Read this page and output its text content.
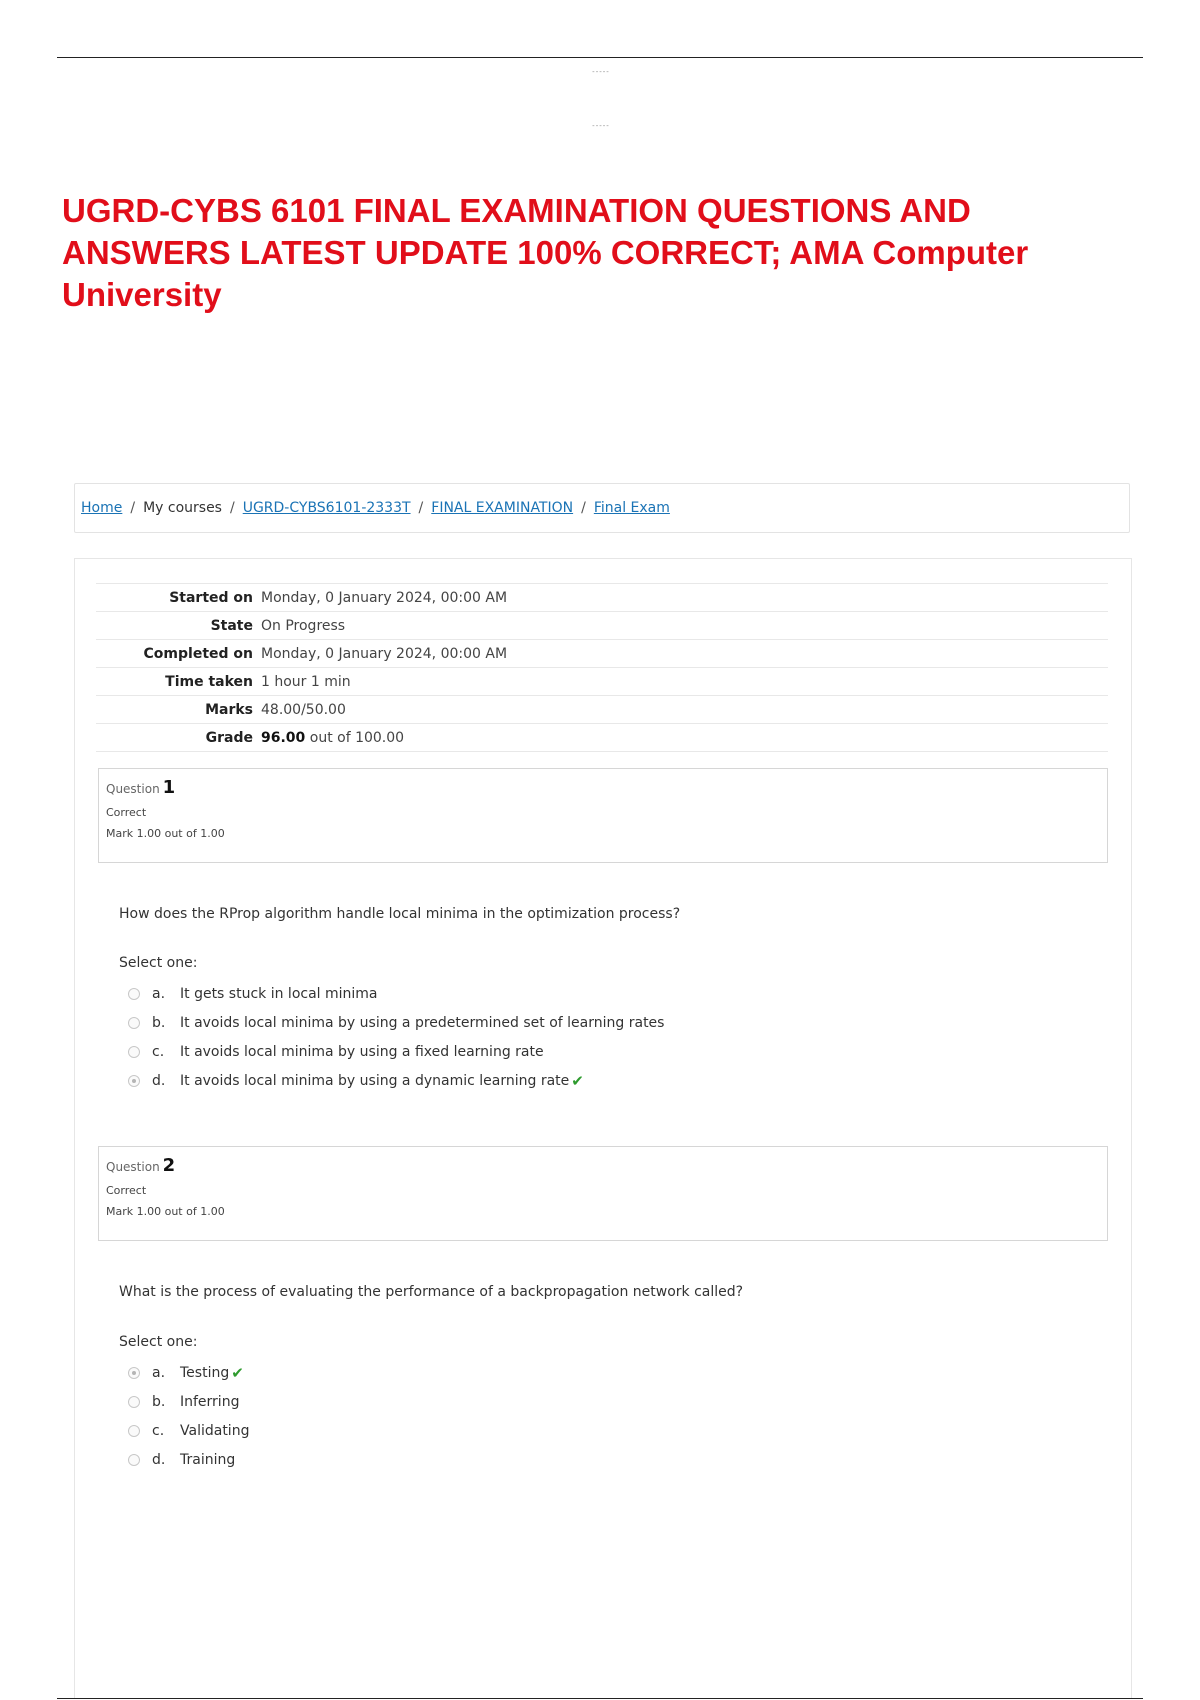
-----
-----
UGRD-CYBS 6101 FINAL EXAMINATION QUESTIONS AND ANSWERS LATEST UPDATE 100% CORRECT; AMA Computer University
Home / My courses / UGRD-CYBS6101-2333T / FINAL EXAMINATION / Final Exam
Started on	Monday, 0 January 2024, 00:00 AM
State	On Progress
Completed on	Monday, 0 January 2024, 00:00 AM
Time taken	1 hour 1 min
Marks	48.00/50.00
Grade	96.00 out of 100.00
Question 1
Correct
Mark 1.00 out of 1.00
How does the RProp algorithm handle local minima in the optimization process?
Select one:
a.	It gets stuck in local minima
b.	It avoids local minima by using a predetermined set of learning rates
c.	It avoids local minima by using a fixed learning rate
d.	It avoids local minima by using a dynamic learning rate ✔
Question 2
Correct
Mark 1.00 out of 1.00
What is the process of evaluating the performance of a backpropagation network called?
Select one:
a.	Testing ✔
b.	Inferring
c.	Validating
d.	Training
